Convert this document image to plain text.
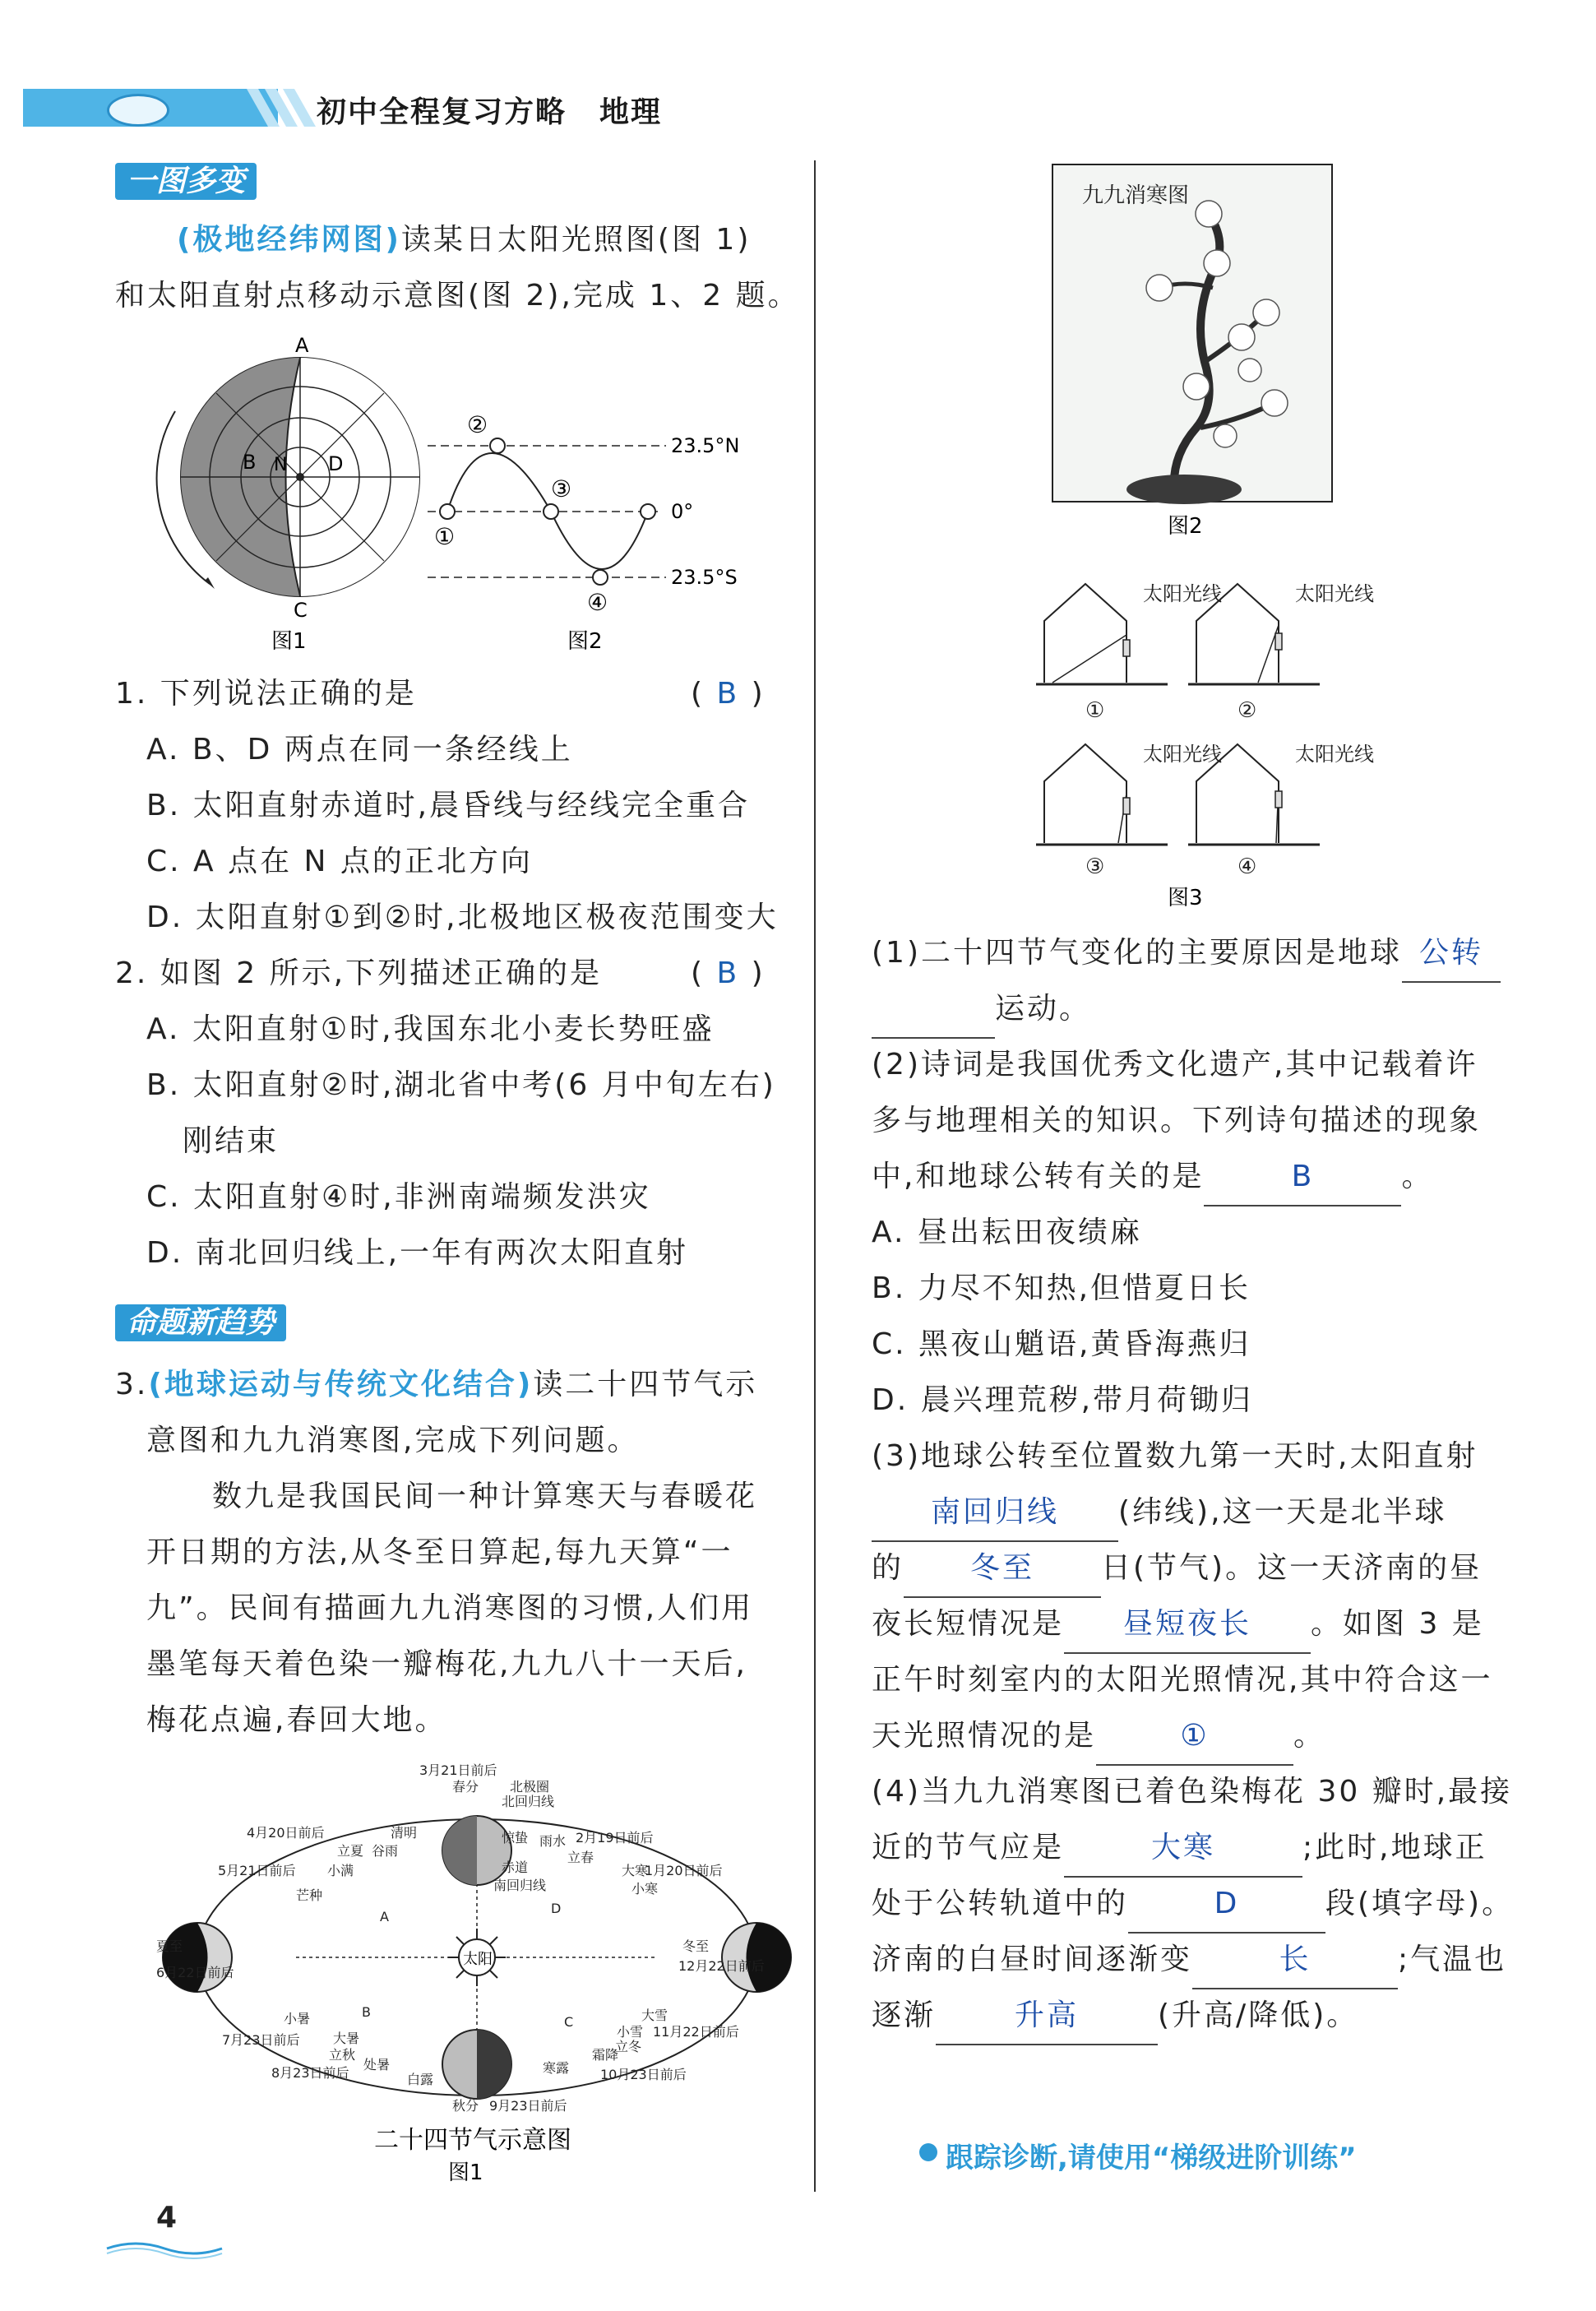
初中全程复习方略 地理
一图多变
(极地经纬网图)读某日太阳光照图(图 1)
和太阳直射点移动示意图(图 2),完成 1、2 题。
A
B N D
C
图1
23.5°N
0°
23.5°S
②
③
①
④
图2
1. 下列说法正确的是	( B )
A. B、D 两点在同一条经线上
B. 太阳直射赤道时,晨昏线与经线完全重合
C. A 点在 N 点的正北方向
D. 太阳直射①到②时,北极地区极夜范围变大
2. 如图 2 所示,下列描述正确的是	( B )
A. 太阳直射①时,我国东北小麦长势旺盛
B. 太阳直射②时,湖北省中考(6 月中旬左右)
刚结束
C. 太阳直射④时,非洲南端频发洪灾
D. 南北回归线上,一年有两次太阳直射
命题新趋势
3.(地球运动与传统文化结合)读二十四节气示
意图和九九消寒图,完成下列问题。
数九是我国民间一种计算寒天与春暖花
开日期的方法,从冬至日算起,每九天算“一
九”。民间有描画九九消寒图的习惯,人们用
墨笔每天着色染一瓣梅花,九九八十一天后,
梅花点遍,春回大地。
太阳
3月21日前后
春分 北极圈
北回归线
惊蛰 雨水
赤道
南回归线
4月20日前后	清明
立夏 谷雨
2月19日前后
立春
大寒
1月20日前后
小寒
5月21日前后 小满
芒种
夏至
6月22日前后
冬至
12月22日前后
小暑
7月23日前后	大暑
立秋
处暑
8月23日前后	白露
大雪
小雪 11月22日前后
立冬
霜降
寒露 10月23日前后
秋分 9月23日前后
A
B
C
D
二十四节气示意图
图1
九九消寒图
图2
太阳光线	太阳光线
太阳光线	太阳光线
①	②
③	④
图3
(1)二十四节气变化的主要原因是地球 公转
运动。
(2)诗词是我国优秀文化遗产,其中记载着许
多与地理相关的知识。下列诗句描述的现象
中,和地球公转有关的是	B	。
A. 昼出耘田夜绩麻
B. 力尽不知热,但惜夏日长
C. 黑夜山魈语,黄昏海燕归
D. 晨兴理荒秽,带月荷锄归
(3)地球公转至位置数九第一天时,太阳直射
南回归线 (纬线),这一天是北半球
的 冬至 日(节气)。这一天济南的昼
夜长短情况是 昼短夜长 。如图 3 是
正午时刻室内的太阳光照情况,其中符合这一
天光照情况的是	①	。
(4)当九九消寒图已着色染梅花 30 瓣时,最接
近的节气应是	大寒	;此时,地球正
处于公转轨道中的	D	段(填字母)。
济南的白昼时间逐渐变	长	;气温也
逐渐	升高	(升高/降低)。
跟踪诊断,请使用“梯级进阶训练”
4
